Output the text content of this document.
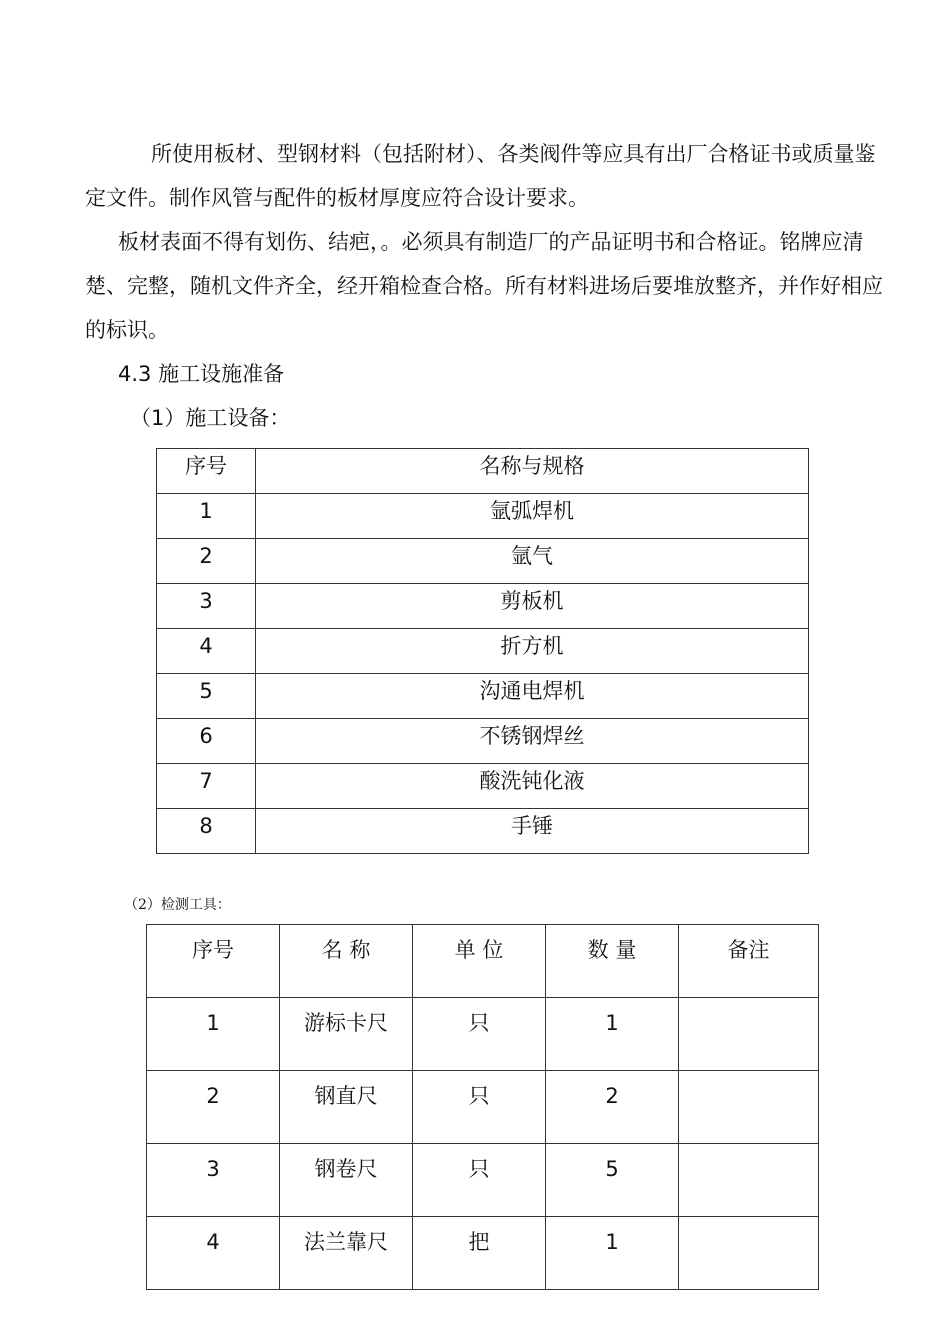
所使用板材、型钢材料（包括附材）、各类阀件等应具有出厂合格证书或质量鉴定文件。制作风管与配件的板材厚度应符合设计要求。

板材表面不得有划伤、结疤，。必须具有制造厂的产品证明书和合格证。铭牌应清楚、完整，随机文件齐全，经开箱检查合格。所有材料进场后要堆放整齐，并作好相应的标识。

4.3 施工设施准备

（1）施工设备：

序号	名称与规格
1	氩弧焊机
2	氩气
3	剪板机
4	折方机
5	沟通电焊机
6	不锈钢焊丝
7	酸洗钝化液
8	手锤

（2）检测工具：

序号	名 称	单 位	数 量	备注
1	游标卡尺	只	1	
2	钢直尺	只	2	
3	钢卷尺	只	5	
4	法兰靠尺	把	1	
